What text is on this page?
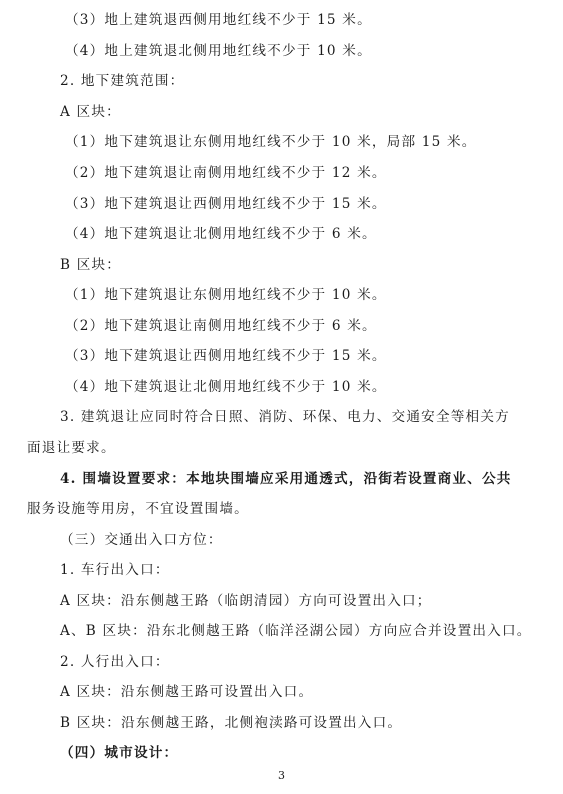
（3）地上建筑退西侧用地红线不少于 15 米。
（4）地上建筑退北侧用地红线不少于 10 米。
2. 地下建筑范围：
A 区块：
（1）地下建筑退让东侧用地红线不少于 10 米，局部 15 米。
（2）地下建筑退让南侧用地红线不少于 12 米。
（3）地下建筑退让西侧用地红线不少于 15 米。
（4）地下建筑退让北侧用地红线不少于 6 米。
B 区块：
（1）地下建筑退让东侧用地红线不少于 10 米。
（2）地下建筑退让南侧用地红线不少于 6 米。
（3）地下建筑退让西侧用地红线不少于 15 米。
（4）地下建筑退让北侧用地红线不少于 10 米。
3. 建筑退让应同时符合日照、消防、环保、电力、交通安全等相关方
面退让要求。
4. 围墙设置要求：本地块围墙应采用通透式，沿街若设置商业、公共
服务设施等用房，不宜设置围墙。
（三）交通出入口方位：
1. 车行出入口：
A 区块：沿东侧越王路（临朗清园）方向可设置出入口；
A、B 区块：沿东北侧越王路（临洋泾湖公园）方向应合并设置出入口。
2. 人行出入口：
A 区块：沿东侧越王路可设置出入口。
B 区块：沿东侧越王路，北侧袍渎路可设置出入口。
（四）城市设计：
3
